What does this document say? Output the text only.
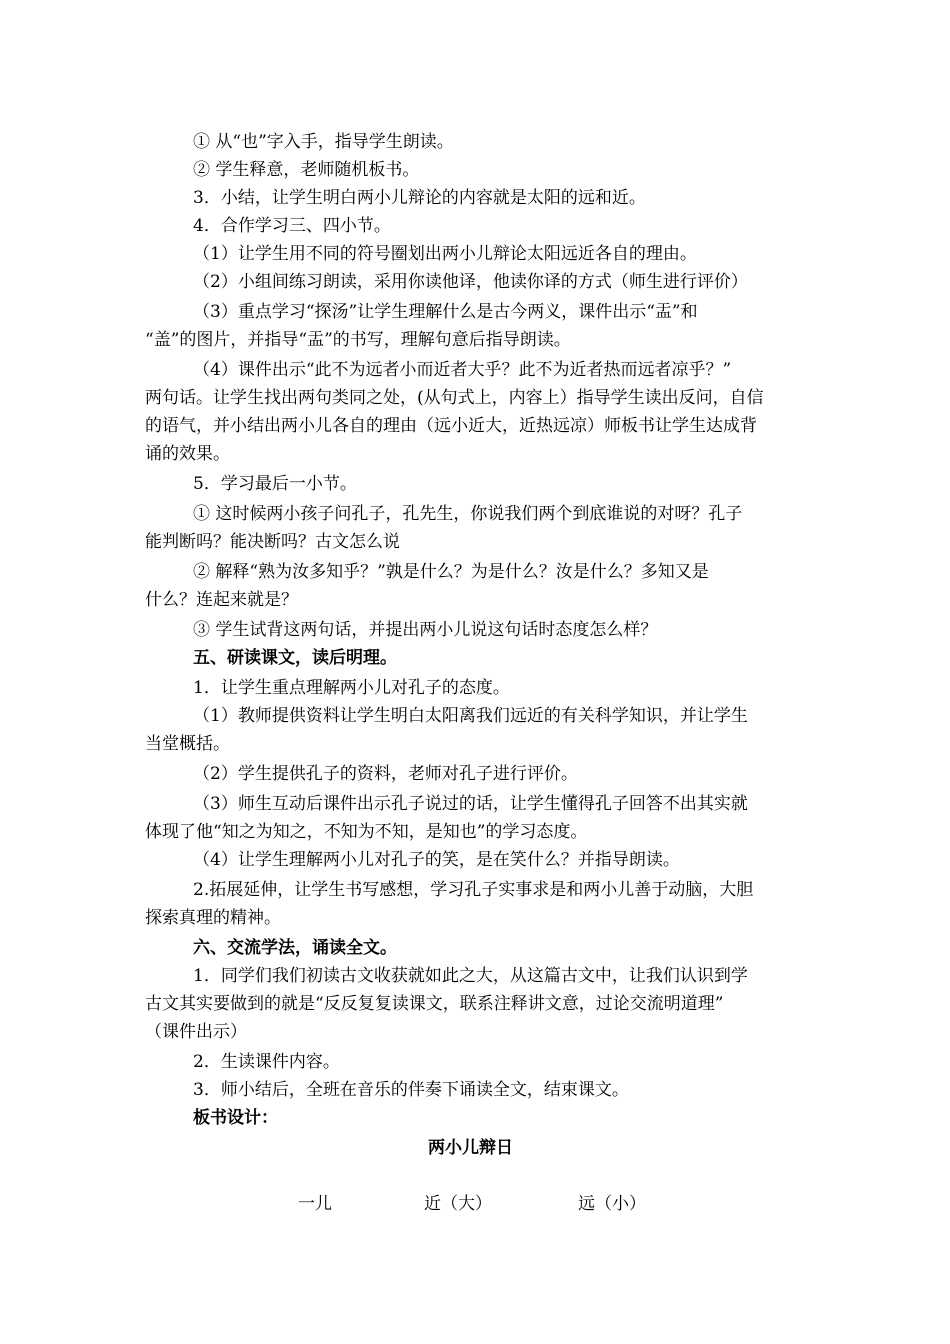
① 从“也”字入手，指导学生朗读。
② 学生释意，老师随机板书。
3．小结，让学生明白两小儿辩论的内容就是太阳的远和近。
4．合作学习三、四小节。
（1）让学生用不同的符号圈划出两小儿辩论太阳远近各自的理由。
（2）小组间练习朗读，采用你读他译，他读你译的方式（师生进行评价）
（3）重点学习“探汤”让学生理解什么是古今两义，课件出示“盂”和
“盖”的图片，并指导“盂”的书写，理解句意后指导朗读。
（4）课件出示“此不为远者小而近者大乎？此不为近者热而远者凉乎？”
两句话。让学生找出两句类同之处，(从句式上，内容上）指导学生读出反问，自信
的语气，并小结出两小儿各自的理由（远小近大，近热远凉）师板书让学生达成背
诵的效果。
5．学习最后一小节。
① 这时候两小孩子问孔子，孔先生，你说我们两个到底谁说的对呀？孔子
能判断吗？能决断吗？古文怎么说
② 解释“熟为汝多知乎？”孰是什么？为是什么？汝是什么？多知又是
什么？连起来就是？
③ 学生试背这两句话，并提出两小儿说这句话时态度怎么样？
五、研读课文，读后明理。
1．让学生重点理解两小儿对孔子的态度。
（1）教师提供资料让学生明白太阳离我们远近的有关科学知识，并让学生
当堂概括。
（2）学生提供孔子的资料，老师对孔子进行评价。
（3）师生互动后课件出示孔子说过的话，让学生懂得孔子回答不出其实就
体现了他“知之为知之，不知为不知，是知也”的学习态度。
（4）让学生理解两小儿对孔子的笑，是在笑什么？并指导朗读。
2.拓展延伸，让学生书写感想，学习孔子实事求是和两小儿善于动脑，大胆
探索真理的精神。
六、交流学法，诵读全文。
1．同学们我们初读古文收获就如此之大，从这篇古文中，让我们认识到学
古文其实要做到的就是“反反复复读课文，联系注释讲文意，过论交流明道理”
（课件出示）
2．生读课件内容。
3．师小结后，全班在音乐的伴奏下诵读全文，结束课文。
板书设计：
两小儿辩日
一儿	近（大）	远（小）
